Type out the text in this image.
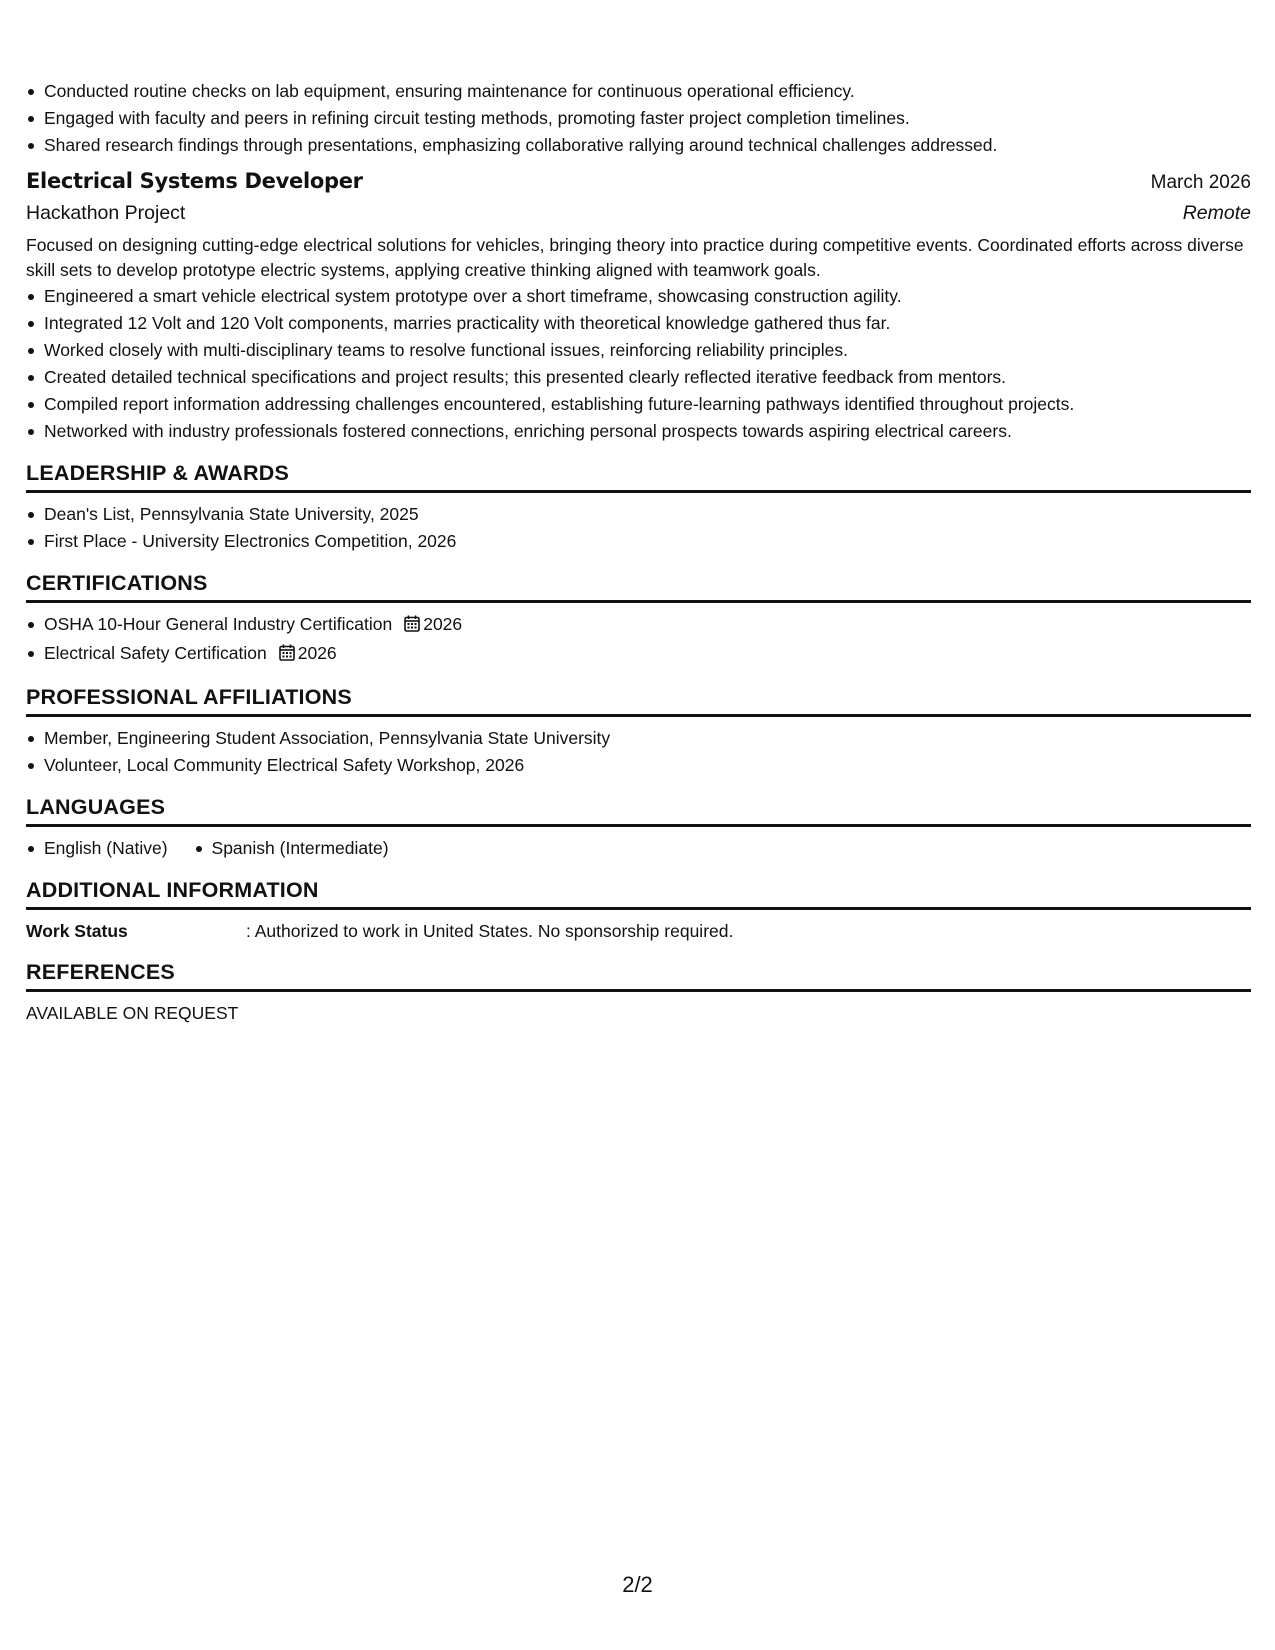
Conducted routine checks on lab equipment, ensuring maintenance for continuous operational efficiency.
Engaged with faculty and peers in refining circuit testing methods, promoting faster project completion timelines.
Shared research findings through presentations, emphasizing collaborative rallying around technical challenges addressed.
Electrical Systems Developer	March 2026
Hackathon Project	Remote
Focused on designing cutting-edge electrical solutions for vehicles, bringing theory into practice during competitive events. Coordinated efforts across diverse skill sets to develop prototype electric systems, applying creative thinking aligned with teamwork goals.
Engineered a smart vehicle electrical system prototype over a short timeframe, showcasing construction agility.
Integrated 12 Volt and 120 Volt components, marries practicality with theoretical knowledge gathered thus far.
Worked closely with multi-disciplinary teams to resolve functional issues, reinforcing reliability principles.
Created detailed technical specifications and project results; this presented clearly reflected iterative feedback from mentors.
Compiled report information addressing challenges encountered, establishing future-learning pathways identified throughout projects.
Networked with industry professionals fostered connections, enriching personal prospects towards aspiring electrical careers.
LEADERSHIP & AWARDS
Dean's List, Pennsylvania State University, 2025
First Place - University Electronics Competition, 2026
CERTIFICATIONS
OSHA 10-Hour General Industry Certification 2026
Electrical Safety Certification 2026
PROFESSIONAL AFFILIATIONS
Member, Engineering Student Association, Pennsylvania State University
Volunteer, Local Community Electrical Safety Workshop, 2026
LANGUAGES
English (Native)	Spanish (Intermediate)
ADDITIONAL INFORMATION
Work Status	: Authorized to work in United States. No sponsorship required.
REFERENCES
AVAILABLE ON REQUEST
2/2
